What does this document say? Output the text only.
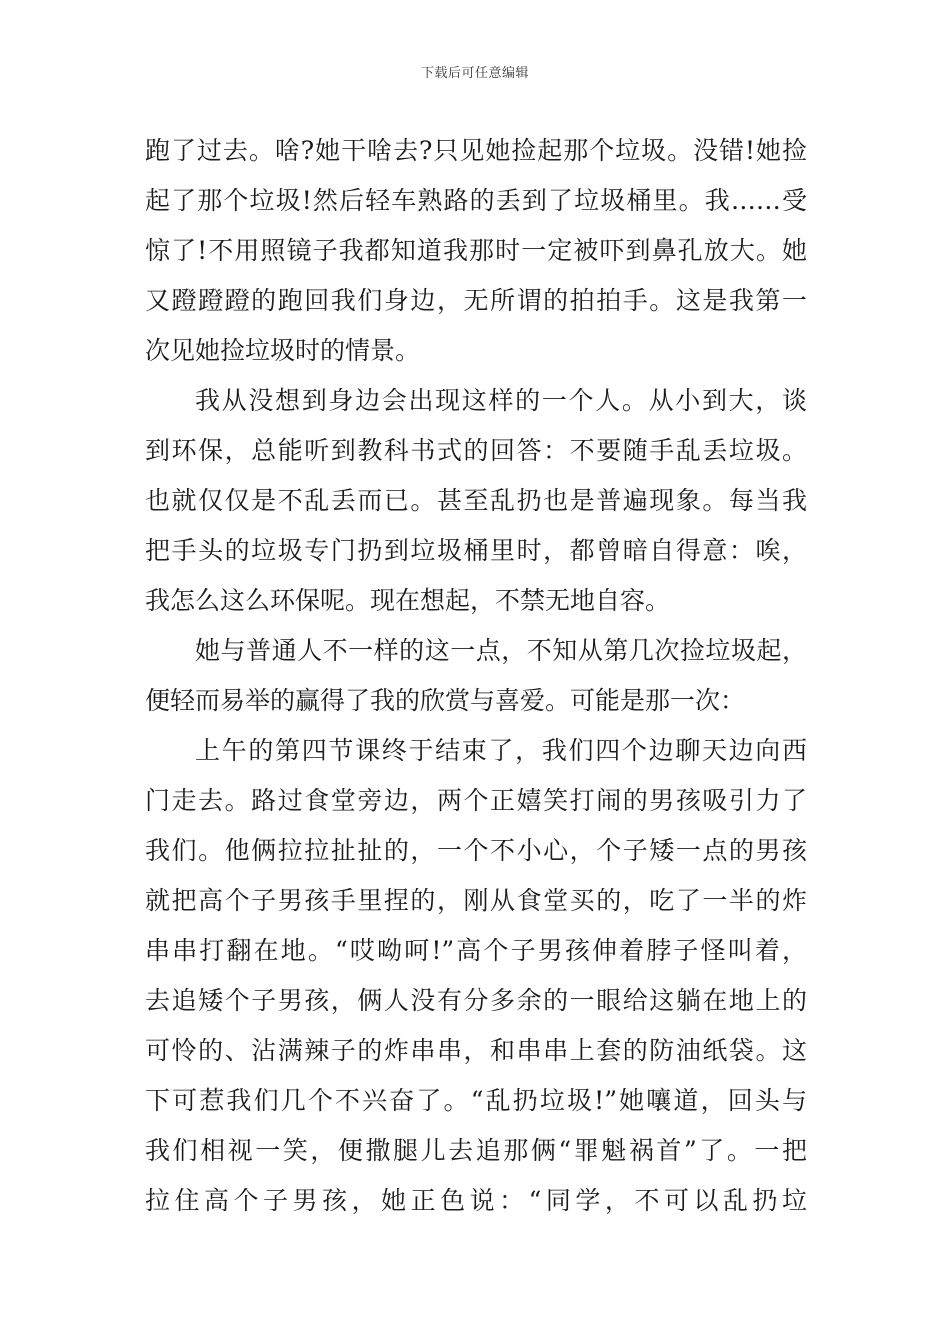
下载后可任意编辑
跑了过去。啥?她干啥去?只见她捡起那个垃圾。没错!她捡
起了那个垃圾!然后轻车熟路的丢到了垃圾桶里。我……受
惊了!不用照镜子我都知道我那时一定被吓到鼻孔放大。她
又蹬蹬蹬的跑回我们身边，无所谓的拍拍手。这是我第一
次见她捡垃圾时的情景。
我从没想到身边会出现这样的一个人。从小到大，谈
到环保，总能听到教科书式的回答：不要随手乱丢垃圾。
也就仅仅是不乱丢而已。甚至乱扔也是普遍现象。每当我
把手头的垃圾专门扔到垃圾桶里时，都曾暗自得意：唉，
我怎么这么环保呢。现在想起，不禁无地自容。
她与普通人不一样的这一点，不知从第几次捡垃圾起，
便轻而易举的赢得了我的欣赏与喜爱。可能是那一次：
上午的第四节课终于结束了，我们四个边聊天边向西
门走去。路过食堂旁边，两个正嬉笑打闹的男孩吸引力了
我们。他俩拉拉扯扯的，一个不小心，个子矮一点的男孩
就把高个子男孩手里捏的，刚从食堂买的，吃了一半的炸
串串打翻在地。“哎呦呵!”高个子男孩伸着脖子怪叫着，
去追矮个子男孩，俩人没有分多余的一眼给这躺在地上的
可怜的、沾满辣子的炸串串，和串串上套的防油纸袋。这
下可惹我们几个不兴奋了。“乱扔垃圾!”她嚷道，回头与
我们相视一笑，便撒腿儿去追那俩“罪魁祸首”了。一把
拉住高个子男孩，她正色说：“同学，不可以乱扔垃
